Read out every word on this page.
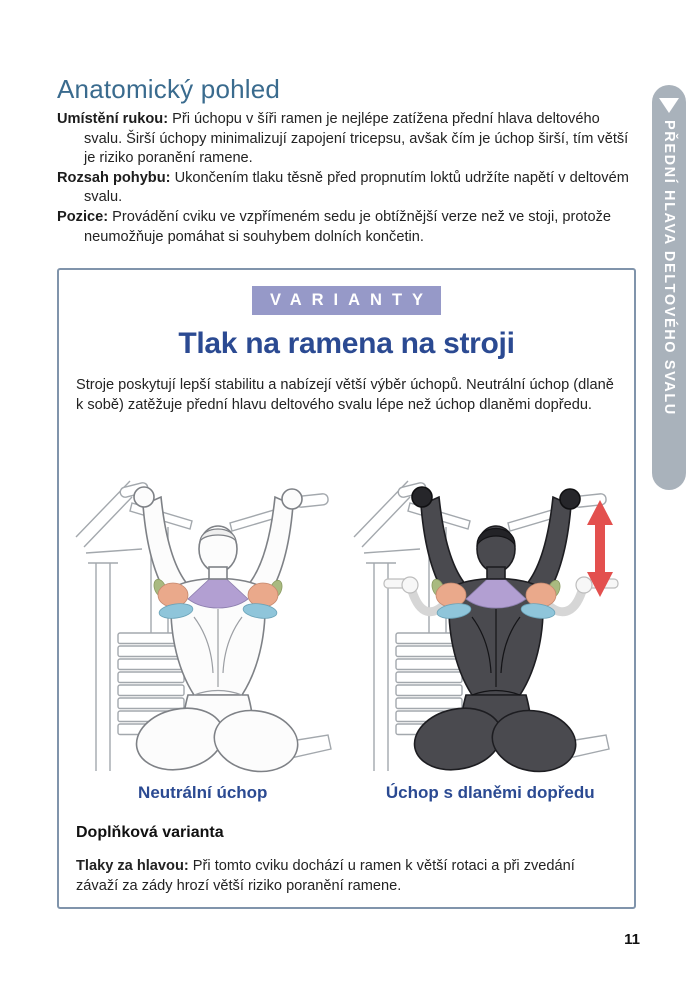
PŘEDNÍ HLAVA DELTOVÉHO SVALU
Anatomický pohled

Umístění rukou: Při úchopu v šíři ramen je nejlépe zatížena přední hlava deltového svalu. Širší úchopy minimalizují zapojení tricepsu, avšak čím je úchop širší, tím větší je riziko poranění ramene.

Rozsah pohybu: Ukončením tlaku těsně před propnutím loktů udržíte napětí v deltovém svalu.

Pozice: Provádění cviku ve vzpřímeném sedu je obtížnější verze než ve stoji, protože neumožňuje pomáhat si souhybem dolních končetin.

VARIANTY
Tlak na ramena na stroji
Stroje poskytují lepší stabilitu a nabízejí větší výběr úchopů. Neutrální úchop (dlaně k sobě) zatěžuje přední hlavu deltového svalu lépe než úchop dlaněmi dopředu.
Neutrální úchop	Úchop s dlaněmi dopředu
Doplňková varianta

Tlaky za hlavou: Při tomto cviku dochází u ramen k větší rotaci a při zvedání závaží za zády hrozí větší riziko poranění ramene.

11
